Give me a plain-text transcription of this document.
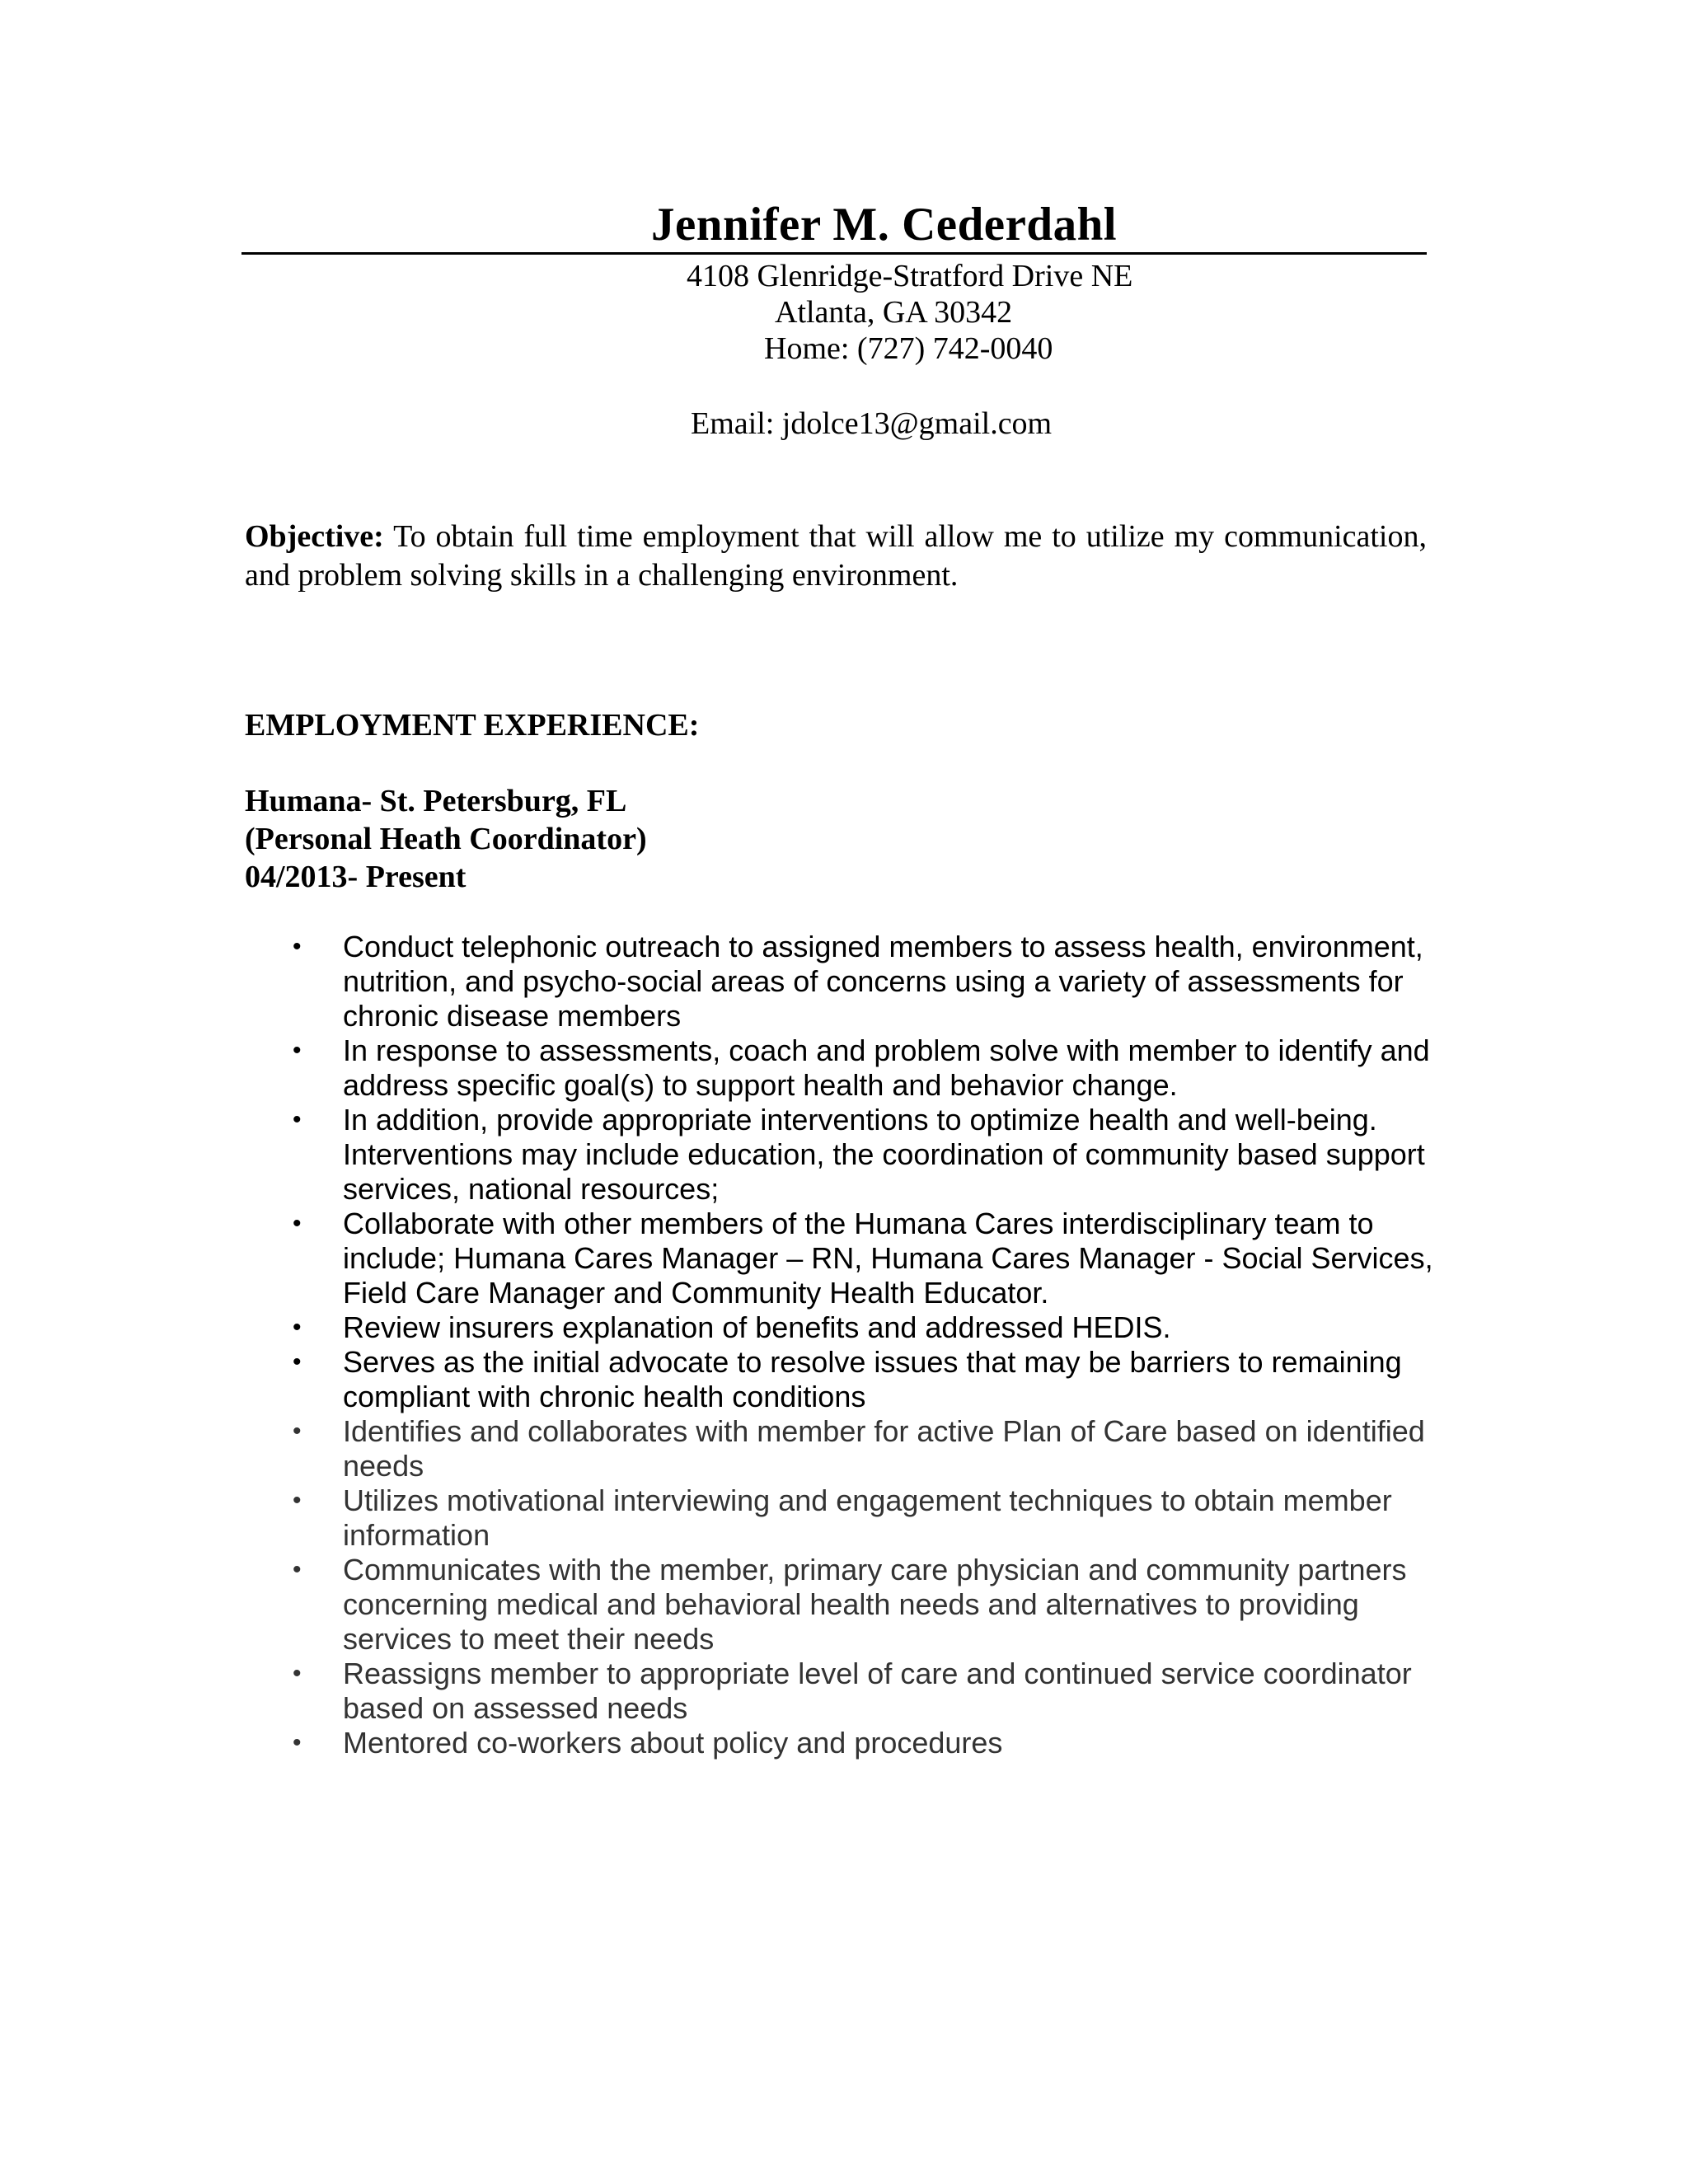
Jennifer M. Cederdahl
4108 Glenridge-Stratford Drive NE
Atlanta, GA 30342
Home: (727) 742-0040
Email: jdolce13@gmail.com
Objective: To obtain full time employment that will allow me to utilize my communication, and problem solving skills in a challenging environment.
EMPLOYMENT EXPERIENCE:
Humana- St. Petersburg, FL
(Personal Heath Coordinator)
04/2013- Present
•	Conduct telephonic outreach to assigned members to assess health, environment, nutrition, and psycho-social areas of concerns using a variety of assessments for chronic disease members
•	In response to assessments, coach and problem solve with member to identify and address specific goal(s) to support health and behavior change.
•	In addition, provide appropriate interventions to optimize health and well-being. Interventions may include education, the coordination of community based support services, national resources;
•	Collaborate with other members of the Humana Cares interdisciplinary team to include; Humana Cares Manager – RN, Humana Cares Manager - Social Services, Field Care Manager and Community Health Educator.
•	Review insurers explanation of benefits and addressed HEDIS.
•	Serves as the initial advocate to resolve issues that may be barriers to remaining compliant with chronic health conditions
•	Identifies and collaborates with member for active Plan of Care based on identified needs
•	Utilizes motivational interviewing and engagement techniques to obtain member information
•	Communicates with the member, primary care physician and community partners concerning medical and behavioral health needs and alternatives to providing services to meet their needs
•	Reassigns member to appropriate level of care and continued service coordinator based on assessed needs
•	Mentored co-workers about policy and procedures
